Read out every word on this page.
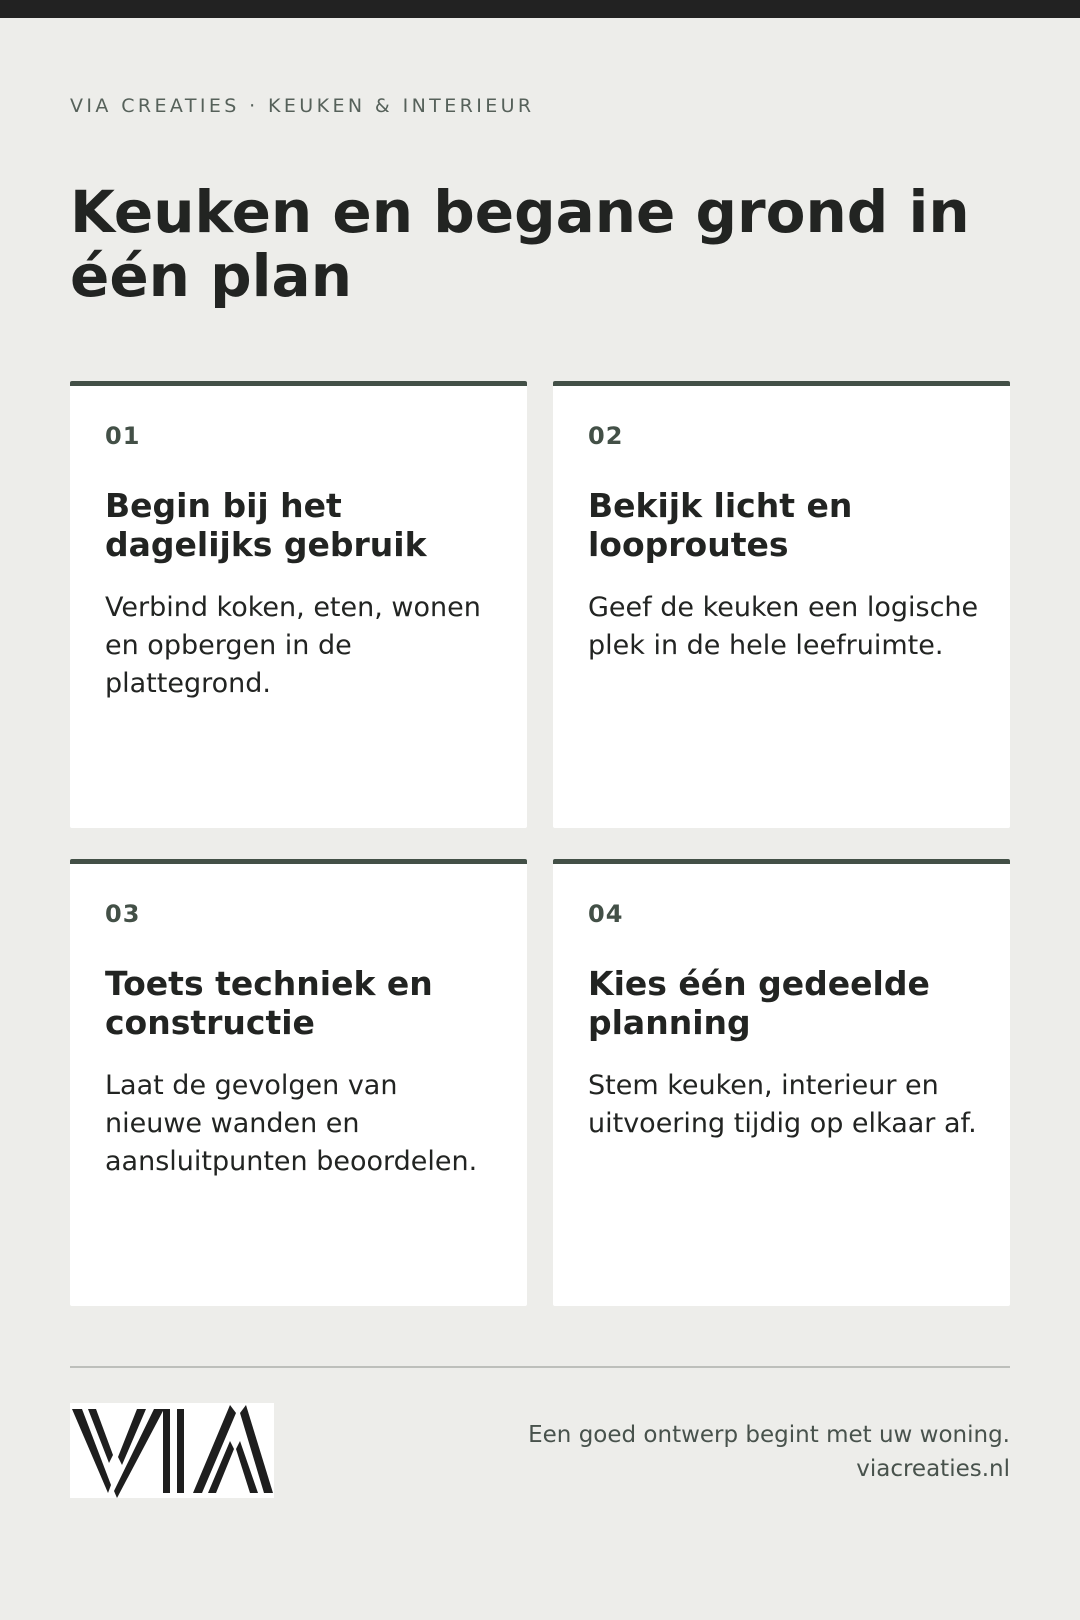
VIA CREATIES · KEUKEN & INTERIEUR
Keuken en begane grond in één plan
01
Begin bij het dagelijks gebruik

Verbind koken, eten, wonen en opbergen in de plattegrond.

02
Bekijk licht en looproutes

Geef de keuken een logische plek in de hele leefruimte.

03
Toets techniek en constructie

Laat de gevolgen van nieuwe wanden en aansluitpunten beoordelen.

04
Kies één gedeelde planning

Stem keuken, interieur en uitvoering tijdig op elkaar af.

Een goed ontwerp begint met uw woning.
viacreaties.nl
